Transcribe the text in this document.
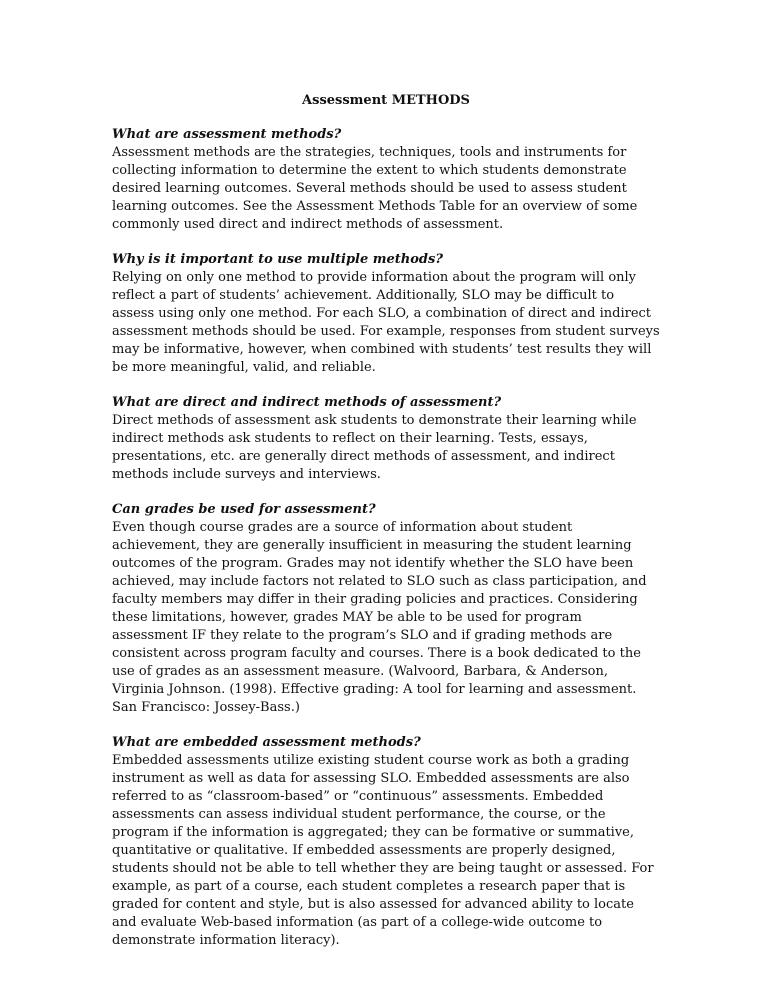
Assessment METHODS

What are assessment methods?

Assessment methods are the strategies, techniques, tools and instruments for collecting information to determine the extent to which students demonstrate desired learning outcomes. Several methods should be used to assess student learning outcomes. See the Assessment Methods Table for an overview of some commonly used direct and indirect methods of assessment.

Why is it important to use multiple methods?

Relying on only one method to provide information about the program will only reflect a part of students’ achievement. Additionally, SLO may be difficult to assess using only one method. For each SLO, a combination of direct and indirect assessment methods should be used. For example, responses from student surveys may be informative, however, when combined with students’ test results they will be more meaningful, valid, and reliable.

What are direct and indirect methods of assessment?

Direct methods of assessment ask students to demonstrate their learning while indirect methods ask students to reflect on their learning. Tests, essays, presentations, etc. are generally direct methods of assessment, and indirect methods include surveys and interviews.

Can grades be used for assessment?

Even though course grades are a source of information about student achievement, they are generally insufficient in measuring the student learning outcomes of the program. Grades may not identify whether the SLO have been achieved, may include factors not related to SLO such as class participation, and faculty members may differ in their grading policies and practices. Considering these limitations, however, grades MAY be able to be used for program assessment IF they relate to the program’s SLO and if grading methods are consistent across program faculty and courses. There is a book dedicated to the use of grades as an assessment measure. (Walvoord, Barbara, & Anderson, Virginia Johnson. (1998). Effective grading: A tool for learning and assessment. San Francisco: Jossey-Bass.)

What are embedded assessment methods?

Embedded assessments utilize existing student course work as both a grading instrument as well as data for assessing SLO. Embedded assessments are also referred to as “classroom-based” or “continuous” assessments. Embedded assessments can assess individual student performance, the course, or the program if the information is aggregated; they can be formative or summative, quantitative or qualitative. If embedded assessments are properly designed, students should not be able to tell whether they are being taught or assessed. For example, as part of a course, each student completes a research paper that is graded for content and style, but is also assessed for advanced ability to locate and evaluate Web-based information (as part of a college-wide outcome to demonstrate information literacy).
